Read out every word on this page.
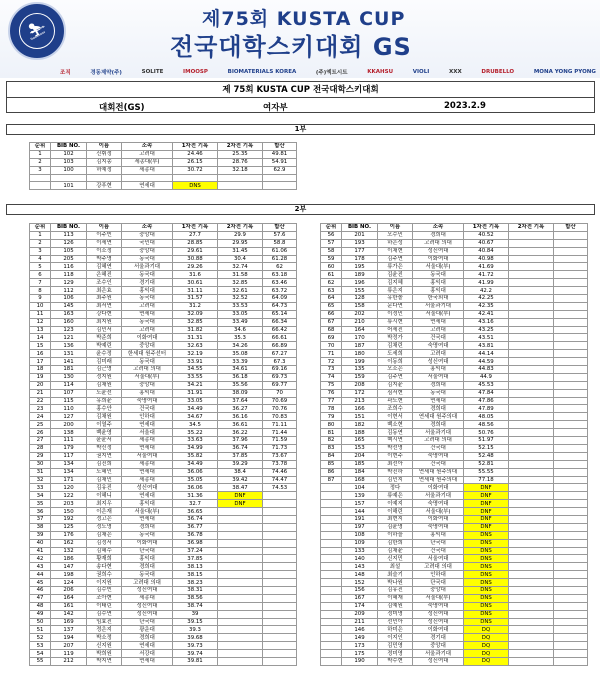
⛷
제75회 KUSTA CUP
전국대학스키대회 GS
조직	경동제약(주)	SOLITE	IMOOSP	BIOMATERIALS KOREA	(주)엑트시트	KKAHSU	VIOLI	XXX	DRUBELLO	MONA YONG PYONG
제 75회 KUSTA CUP 전국대학스키대회
대회전(GS)	여자부	2023.2.9
1부
2부
순위	BIB NO.	이름	소속	1차전 기록	2차전 기록	합산
1	102	신휘정	고려대	24.46	25.35	49.81
2	103	김지송	세종대(부)	26.15	28.76	54.91
3	100	허예정	세종대	30.72	32.18	62.9

	101	강푸현	연세대	DNS		
순위	BIB NO.	이름	소속	1차전 기록	2차전 기록	합산
1	113	이주빈	중앙대	27.7	29.9	57.6
2	126	이세연	국민대	28.85	29.95	58.8
3	105	이소정	중앙대	29.61	31.45	61.06
4	205	박주영	동국대	30.88	30.4	61.28
5	116	김혜연	서울과기대	29.26	32.74	62
6	118	은혜진	동국대	31.6	31.58	63.18
7	129	조수인	경기대	30.61	32.85	63.46
8	112	최은효	홍익대	31.11	32.61	63.72
9	106	최주원	동국대	31.57	32.52	64.09
10	145	최서연	고려대	31.2	33.53	64.73
11	163	강다현	연세대	32.09	33.05	65.14
12	160	최지원	동국대	32.85	33.49	66.34
13	123	김민서	고려대	31.82	34.6	66.42
14	121	박준희	이화여대	31.31	35.3	66.61
15	136	박예린	중앙대	32.63	34.26	66.89
16	131	윤수정	한세대 원주선터	32.19	35.08	67.27
17	141	김미래	동국대	33.91	33.39	67.3
18	181	김근영	고려대 의대	34.55	34.61	69.16
19	130	정지원	서울대(부)	33.55	36.18	69.73
20	114	김채원	중앙대	34.21	35.56	69.77
21	107	도윤선	홍익대	31.91	38.09	70
22	115	유희윤	숙명여대	33.05	37.64	70.69
23	110	홍수안	건국대	34.49	36.27	70.76
24	127	김채원	인하대	34.67	36.16	70.83
25	200	이열주	연세대	34.5	36.61	71.11
26	138	백윤영	서울대	35.22	36.22	71.44
27	111	윤윤서	세종대	33.63	37.96	71.59
28	179	박신정	연세대	34.99	36.74	71.73
29	117	권지연	서울여대	35.82	37.85	73.67
30	134	김진희	세종대	34.49	39.29	73.78
31	134	도혜인	연세대	36.06	38.4	74.46
32	171	김채민	세종대	35.05	39.42	74.47
33	120	김유진	성신여대	36.06	38.47	74.53
34	122	이혜니	연세대	31.36	DNF	
35	203	최지우	홍익대	32.7	DNF	
36	150	이은재	서울대(부)	36.65		
37	192	정고은	연세대	36.74		
38	125	정도영	경희대	36.77		
39	176	김채은	동국대	36.78		
40	162	김정서	이화여대	36.98		
41	132	김혜수	단국대	37.24		
42	186	황재희	홍익대	37.85		
43	147	송다현	경희대	38.13		
44	198	권희수	동국대	38.15		
45	124	이지원	고려대 의대	38.23		
46	206	김수빈	성신여대	38.31		
47	164	조아현	세종대	38.56		
48	161	이태린	성신여대	38.74		
49	142	김수연	성신여대	39		
50	169	임효진	단국대	39.15		
51	137	정은지	광운대	39.3		
52	194	박소정	경희대	39.68		
53	207	신지원	연세대	39.73		
54	119	박희원	서강대	39.74		
55	212	박지연	연세대	39.81		
순위	BIB NO.	이름	소속	1차전 기록	2차전 기록	합산
56	201	오수민	경희대	40.52		
57	193	하은성	고려대 의대	40.67		
58	177	이채현	성신여대	40.84		
59	178	김주연	이화여대	40.98		
60	195	류가은	서울대(부)	41.69		
61	189	김윤진	동국대	41.72		
62	196	김지혜	홍익대	41.99		
63	155	류은지	홍익대	42.2		
64	128	유한솔	한국외대	42.25		
65	158	문다연	서울과기대	42.35		
66	202	이정민	서울대(부)	42.41		
67	210	류시현	연세대	43.16		
68	164	어세진	고려대	43.25		
69	170	박정가	건국대	43.51		
70	187	김채린	숙명여대	43.81		
71	180	도세희	고려대	44.14		
72	199	이동희	성신여대	44.59		
73	135	오소은	홍익대	44.83		
74	159	김주연	서울여대	44.9		
75	208	김지윤	경희대	45.53		
76	172	심서현	동국대	47.84		
77	213	곽도현	연세대	47.86		
78	166	조희수	경희대	47.89		
79	151	이현서	연세대 원주의대	48.05		
80	182	백소현	경희대	48.56		
81	188	김동연	서울과기대	50.76		
82	165	백시연	고려대 의대	51.97		
83	153	박선영	건국대	52.15		
84	204	이현주	숙명여대	52.48		
85	185	최선아	건국대	52.81		
86	184	박진하	연세대 원주의대	55.55		
87	168	김민지	연세대 원주의대	77.18		
	104	정다	이화여대	DNF		
	139	류예은	서울과기대	DNF		
	157	이예지	숙명여대	DNF		
	144	이해린	서울대(부)	DNF		
	191	최현지	이화여대	DNF		
	197	김윤영	숙명여대	DNF		
	108	이하늘	홍익대	DNS		
	109	김한희	단국대	DNS		
	133	김채윤	건국대	DNS		
	140	신지민	서울여대	DNS		
	143	최설	고려대 의대	DNS		
	148	최슬기	인하대	DNS		
	152	박나원	단국대	DNS		
	156	김유진	중앙대	DNS		
	167	이혜재	서울대(부)	DNS		
	174	김예원	숙명여대	DNS		
	209	정미영	성신여대	DNS		
	211	선민아	성신여대	DNS		
	146	하미은	이화여대	DQ		
	149	이지인	경기대	DQ		
	173	김민영	중앙대	DQ		
	175	정미영	서울과기대	DQ		
	190	박수현	성신여대	DQ		
